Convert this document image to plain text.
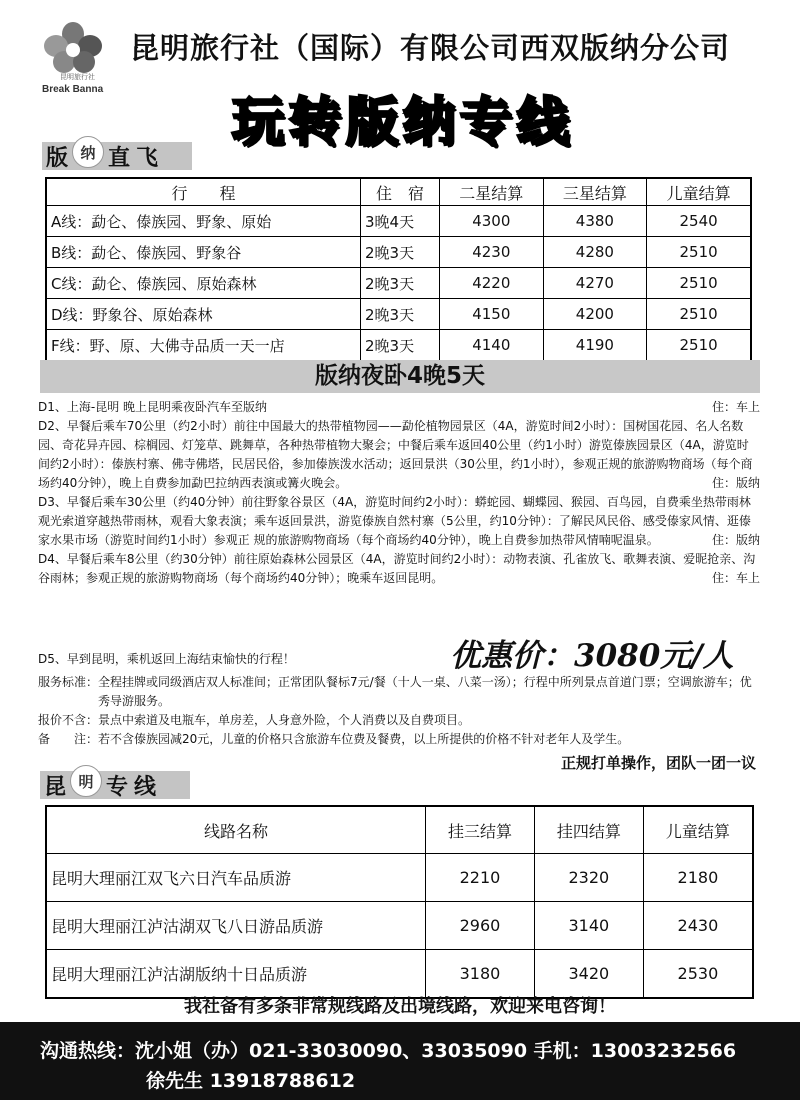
昆明旅行社
Break Banna
昆明旅行社（国际）有限公司西双版纳分公司
玩转版纳专线
版 纳 直飞
行　　程	住　宿	二星结算	三星结算	儿童结算
A线：勐仑、傣族园、野象、原始	3晚4天	4300	4380	2540
B线：勐仑、傣族园、野象谷	2晚3天	4230	4280	2510
C线：勐仑、傣族园、原始森林	2晚3天	4220	4270	2510
D线：野象谷、原始森林	2晚3天	4150	4200	2510
F线：野、原、大佛寺品质一天一店	2晚3天	4140	4190	2510
版纳夜卧4晚5天

住：车上
D1、上海-昆明 晚上昆明乘夜卧汽车至版纳

D2、早餐后乘车70公里（约2小时）前往中国最大的热带植物园——勐伦植物园景区（4A，游览时间2小时）：国树国花园、名人名数园、奇花异卉园、棕榈园、灯笼草、跳舞草，各种热带植物大聚会；中餐后乘车返回40公里（约1小时）游览傣族园景区（4A，游览时间约2小时）：傣族村寨、佛寺佛塔，民居民俗，参加傣族泼水活动；返回景洪（30公里，约1小时），参观正规的旅游购物商场（每个商场约40分钟），晚上自费参加勐巴拉纳西表演或篝火晚会。	住：版纳

D3、早餐后乘车30公里（约40分钟）前往野象谷景区（4A，游览时间约2小时）：蟒蛇园、蝴蝶园、猴园、百鸟园，自费乘坐热带雨林观光索道穿越热带雨林，观看大象表演；乘车返回景洪，游览傣族自然村寨（5公里，约10分钟）：了解民风民俗、感受傣家风情、逛傣家水果市场（游览时间约1小时）参观正 规的旅游购物商场（每个商场约40分钟），晚上自费参加热带风情喃呢温泉。	住：版纳

D4、早餐后乘车8公里（约30分钟）前往原始森林公园景区（4A，游览时间约2小时）：动物表演、孔雀放飞、歌舞表演、爱昵抢亲、沟谷雨林；参观正规的旅游购物商场（每个商场约40分钟）；晚乘车返回昆明。	住：车上

优惠价：3080元/人
D5、早到昆明，乘机返回上海结束愉快的行程！
服务标准： 全程挂牌或同级酒店双人标准间；正常团队餐标7元/餐（十人一桌、八菜一汤）；行程中所列景点首道门票；空调旅游车；优秀导游服务。
报价不含： 景点中索道及电瓶车，单房差，人身意外险，个人消费以及自费项目。
备　　注： 若不含傣族园减20元，儿童的价格只含旅游车位费及餐费，以上所提供的价格不针对老年人及学生。
正规打单操作，团队一团一议
昆 明 专线
线路名称	挂三结算	挂四结算	儿童结算
昆明大理丽江双飞六日汽车品质游	2210	2320	2180
昆明大理丽江泸沽湖双飞八日游品质游	2960	3140	2430
昆明大理丽江泸沽湖版纳十日品质游	3180	3420	2530
我社备有多条非常规线路及出境线路，欢迎来电咨询！
沟通热线：沈小姐（办）021-33030090、33035090 手机：13003232566
徐先生 13918788612
